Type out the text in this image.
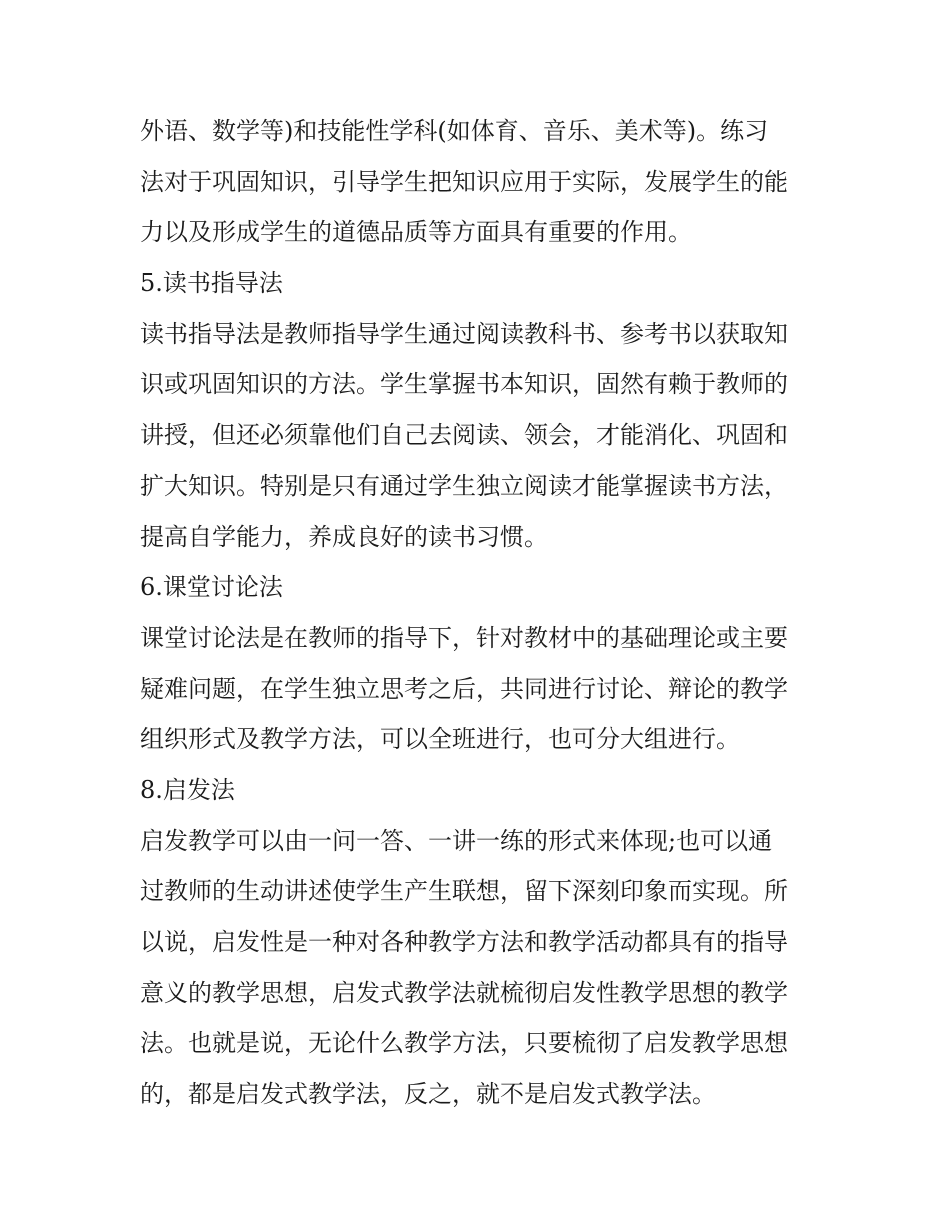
外语、数学等)和技能性学科(如体育、音乐、美术等)。练习
法对于巩固知识，引导学生把知识应用于实际，发展学生的能
力以及形成学生的道德品质等方面具有重要的作用。
5.读书指导法
读书指导法是教师指导学生通过阅读教科书、参考书以获取知
识或巩固知识的方法。学生掌握书本知识，固然有赖于教师的
讲授，但还必须靠他们自己去阅读、领会，才能消化、巩固和
扩大知识。特别是只有通过学生独立阅读才能掌握读书方法，
提高自学能力，养成良好的读书习惯。
6.课堂讨论法
课堂讨论法是在教师的指导下，针对教材中的基础理论或主要
疑难问题，在学生独立思考之后，共同进行讨论、辩论的教学
组织形式及教学方法，可以全班进行，也可分大组进行。
8.启发法
启发教学可以由一问一答、一讲一练的形式来体现;也可以通
过教师的生动讲述使学生产生联想，留下深刻印象而实现。所
以说，启发性是一种对各种教学方法和教学活动都具有的指导
意义的教学思想，启发式教学法就梳彻启发性教学思想的教学
法。也就是说，无论什么教学方法，只要梳彻了启发教学思想
的，都是启发式教学法，反之，就不是启发式教学法。
